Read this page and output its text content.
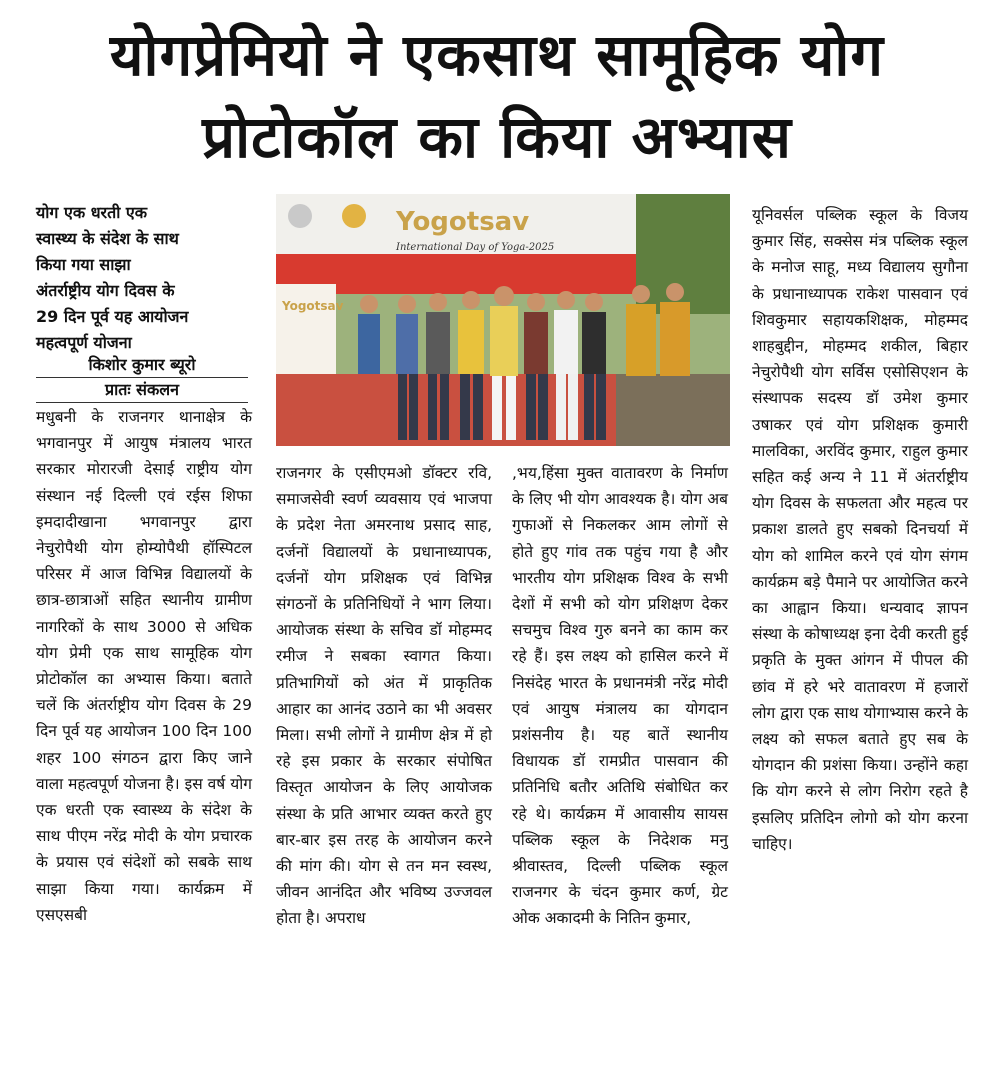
योगप्रेमियो ने एकसाथ सामूहिक योग
प्रोटोकॉल का किया अभ्यास
योग एक धरती एक
स्वास्थ्य के संदेश के साथ
किया गया साझा
अंतर्राष्ट्रीय योग दिवस के
29 दिन पूर्व यह आयोजन
महत्वपूर्ण योजना
किशोर कुमार ब्यूरो
प्रातः संकलन
Yogotsav
International Day of Yoga-2025
Yogotsav

मधुबनी के राजनगर थानाक्षेत्र के भगवानपुर में आयुष मंत्रालय भारत सरकार मोरारजी देसाई राष्ट्रीय योग संस्थान नई दिल्ली एवं रईस शिफा इमदादीखाना भगवानपुर द्वारा नेचुरोपैथी योग होम्योपैथी हॉस्पिटल परिसर में आज विभिन्न विद्यालयों के छात्र-छात्राओं सहित स्थानीय ग्रामीण नागरिकों के साथ 3000 से अधिक योग प्रेमी एक साथ सामूहिक योग प्रोटोकॉल का अभ्यास किया। बताते चलें कि अंतर्राष्ट्रीय योग दिवस के 29 दिन पूर्व यह आयोजन 100 दिन 100 शहर 100 संगठन द्वारा किए जाने वाला महत्वपूर्ण योजना है। इस वर्ष योग एक धरती एक स्वास्थ्य के संदेश के साथ पीएम नरेंद्र मोदी के योग प्रचारक के प्रयास एवं संदेशों को सबके साथ साझा किया गया। कार्यक्रम में एसएसबी

राजनगर के एसीएमओ डॉक्टर रवि, समाजसेवी स्वर्ण व्यवसाय एवं भाजपा के प्रदेश नेता अमरनाथ प्रसाद साह, दर्जनों विद्यालयों के प्रधानाध्यापक, दर्जनों योग प्रशिक्षक एवं विभिन्न संगठनों के प्रतिनिधियों ने भाग लिया। आयोजक संस्था के सचिव डॉ मोहम्मद रमीज ने सबका स्वागत किया। प्रतिभागियों को अंत में प्राकृतिक आहार का आनंद उठाने का भी अवसर मिला। सभी लोगों ने ग्रामीण क्षेत्र में हो रहे इस प्रकार के सरकार संपोषित विस्तृत आयोजन के लिए आयोजक संस्था के प्रति आभार व्यक्त करते हुए बार-बार इस तरह के आयोजन करने की मांग की। योग से तन मन स्वस्थ, जीवन आनंदित और भविष्य उज्जवल होता है। अपराध

,भय,हिंसा मुक्त वातावरण के निर्माण के लिए भी योग आवश्यक है। योग अब गुफाओं से निकलकर आम लोगों से होते हुए गांव तक पहुंच गया है और भारतीय योग प्रशिक्षक विश्व के सभी देशों में सभी को योग प्रशिक्षण देकर सचमुच विश्व गुरु बनने का काम कर रहे हैं। इस लक्ष्य को हासिल करने में निसंदेह भारत के प्रधानमंत्री नरेंद्र मोदी एवं आयुष मंत्रालय का योगदान प्रशंसनीय है। यह बातें स्थानीय विधायक डॉ रामप्रीत पासवान की प्रतिनिधि बतौर अतिथि संबोधित कर रहे थे। कार्यक्रम में आवासीय सायस पब्लिक स्कूल के निदेशक मनु श्रीवास्तव, दिल्ली पब्लिक स्कूल राजनगर के चंदन कुमार कर्ण, ग्रेट ओक अकादमी के नितिन कुमार,

यूनिवर्सल पब्लिक स्कूल के विजय कुमार सिंह, सक्सेस मंत्र पब्लिक स्कूल के मनोज साहू, मध्य विद्यालय सुगौना के प्रधानाध्यापक राकेश पासवान एवं शिवकुमार सहायकशिक्षक, मोहम्मद शाहबुद्दीन, मोहम्मद शकील, बिहार नेचुरोपैथी योग सर्विस एसोसिएशन के संस्थापक सदस्य डॉ उमेश कुमार उषाकर एवं योग प्रशिक्षक कुमारी मालविका, अरविंद कुमार, राहुल कुमार सहित कई अन्य ने 11 में अंतर्राष्ट्रीय योग दिवस के सफलता और महत्व पर प्रकाश डालते हुए सबको दिनचर्या में योग को शामिल करने एवं योग संगम कार्यक्रम बड़े पैमाने पर आयोजित करने का आह्वान किया। धन्यवाद ज्ञापन संस्था के कोषाध्यक्ष इना देवी करती हुई प्रकृति के मुक्त आंगन में पीपल की छांव में हरे भरे वातावरण में हजारों लोग द्वारा एक साथ योगाभ्यास करने के लक्ष्य को सफल बताते हुए सब के योगदान की प्रशंसा किया। उन्होंने कहा कि योग करने से लोग निरोग रहते है इसलिए प्रतिदिन लोगो को योग करना चाहिए।
